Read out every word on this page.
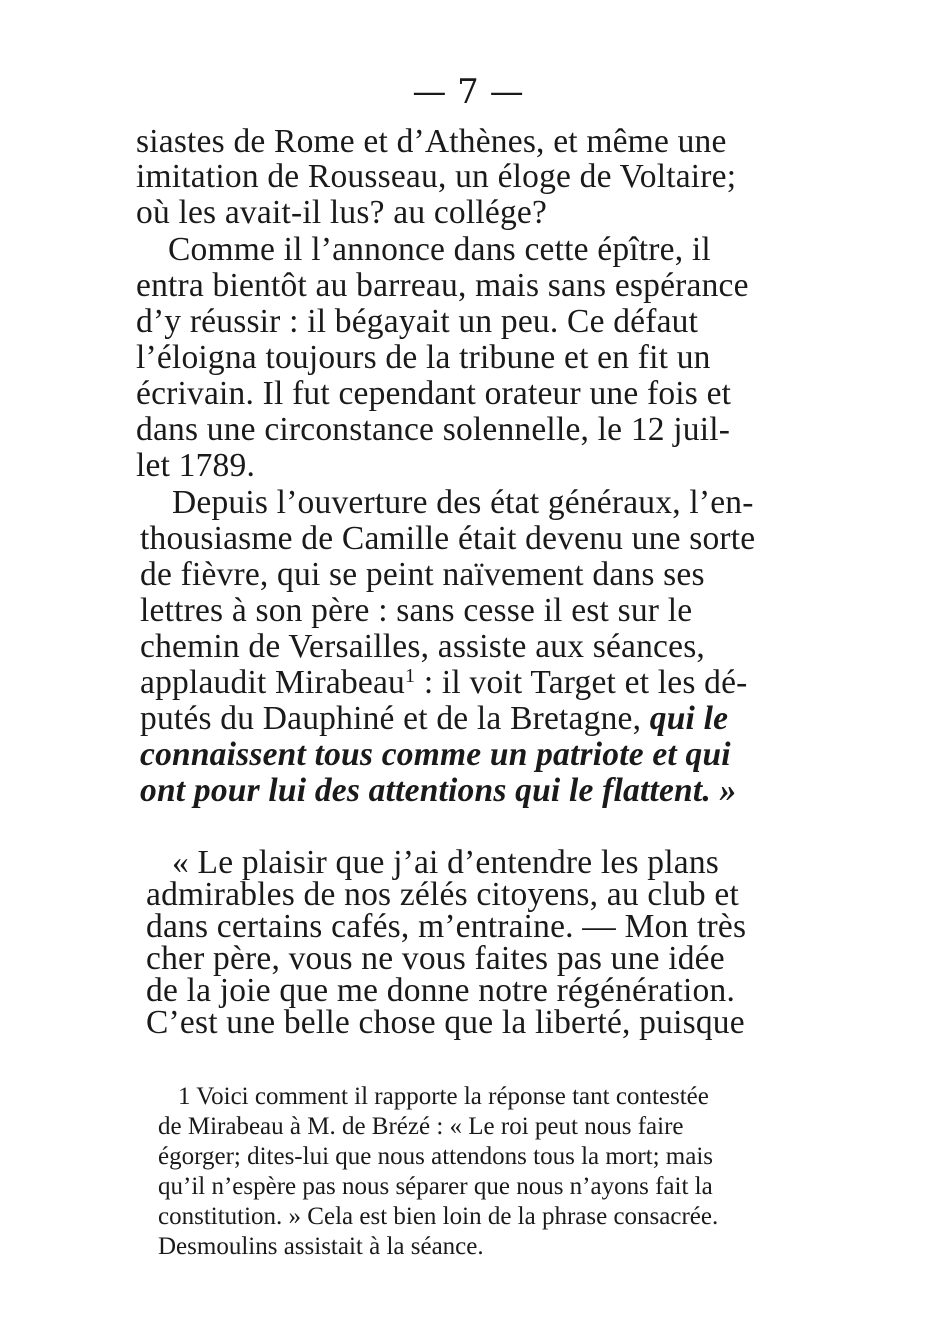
— 7 —
siastes de Rome et d’Athènes, et même une
imitation de Rousseau, un éloge de Voltaire;
où les avait-il lus? au collége?
Comme il l’annonce dans cette épître, il
entra bientôt au barreau, mais sans espérance
d’y réussir : il bégayait un peu. Ce défaut
l’éloigna toujours de la tribune et en fit un
écrivain. Il fut cependant orateur une fois et
dans une circonstance solennelle, le 12 juil-
let 1789.
Depuis l’ouverture des état généraux, l’en-
thousiasme de Camille était devenu une sorte
de fièvre, qui se peint naïvement dans ses
lettres à son père : sans cesse il est sur le
chemin de Versailles, assiste aux séances,
applaudit Mirabeau$^1$ : il voit Target et les dé-
putés du Dauphiné et de la Bretagne, qui le
connaissent tous comme un patriote et qui
ont pour lui des attentions qui le flattent. »
« Le plaisir que j’ai d’entendre les plans
admirables de nos zélés citoyens, au club et
dans certains cafés, m’entraine. — Mon très
cher père, vous ne vous faites pas une idée
de la joie que me donne notre régénération.
C’est une belle chose que la liberté, puisque
1 Voici comment il rapporte la réponse tant contestée
de Mirabeau à M. de Brézé : « Le roi peut nous faire
égorger; dites-lui que nous attendons tous la mort; mais
qu’il n’espère pas nous séparer que nous n’ayons fait la
constitution. » Cela est bien loin de la phrase consacrée.
Desmoulins assistait à la séance.
